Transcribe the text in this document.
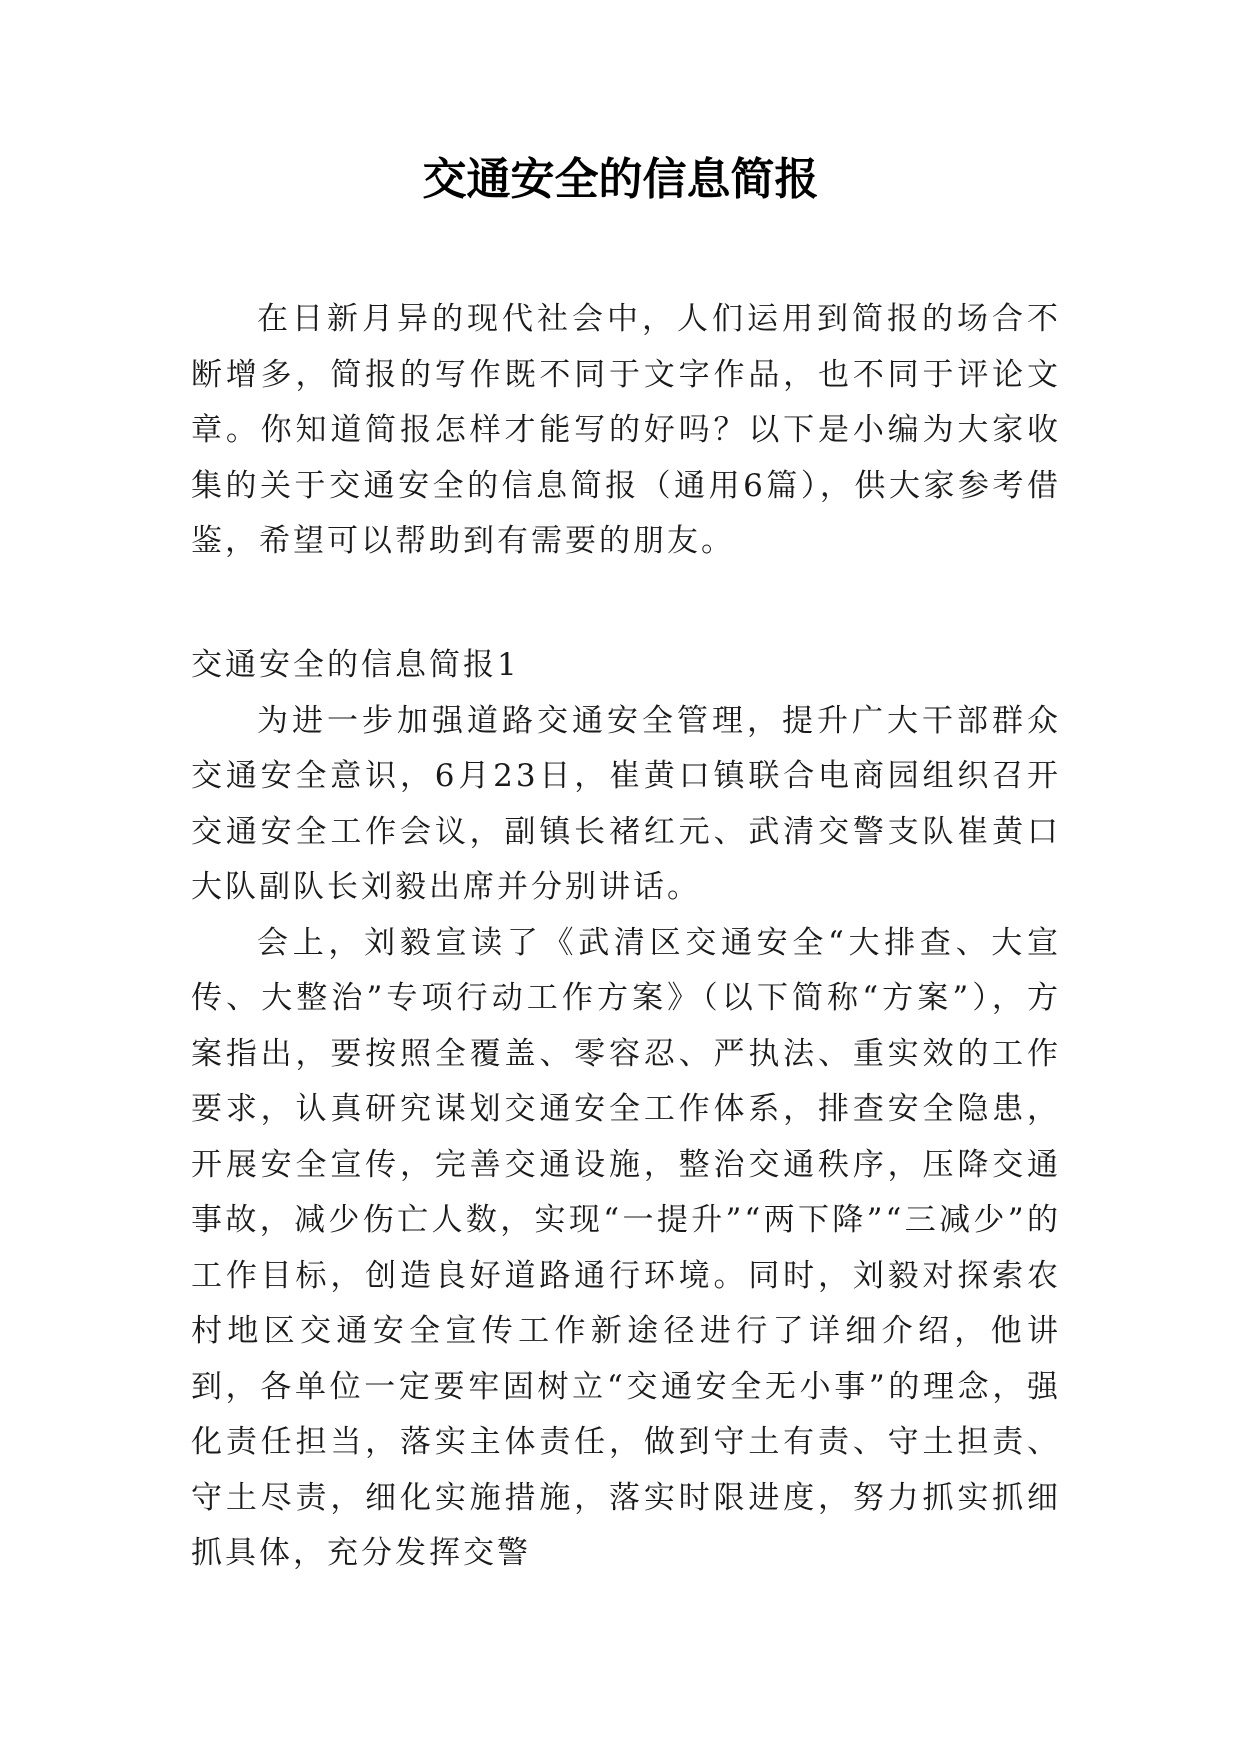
交通安全的信息简报

在日新月异的现代社会中，人们运用到简报的场合不断增多，简报的写作既不同于文字作品，也不同于评论文章。你知道简报怎样才能写的好吗？以下是小编为大家收集的关于交通安全的信息简报（通用6篇），供大家参考借鉴，希望可以帮助到有需要的朋友。

交通安全的信息简报1

为进一步加强道路交通安全管理，提升广大干部群众交通安全意识，6月23日，崔黄口镇联合电商园组织召开交通安全工作会议，副镇长褚红元、武清交警支队崔黄口大队副队长刘毅出席并分别讲话。

会上，刘毅宣读了《武清区交通安全“大排查、大宣传、大整治”专项行动工作方案》（以下简称“方案”），方案指出，要按照全覆盖、零容忍、严执法、重实效的工作要求，认真研究谋划交通安全工作体系，排查安全隐患，开展安全宣传，完善交通设施，整治交通秩序，压降交通事故，减少伤亡人数，实现“一提升”“两下降”“三减少”的工作目标，创造良好道路通行环境。同时，刘毅对探索农村地区交通安全宣传工作新途径进行了详细介绍，他讲到，各单位一定要牢固树立“交通安全无小事”的理念，强化责任担当，落实主体责任，做到守土有责、守土担责、守土尽责，细化实施措施，落实时限进度，努力抓实抓细抓具体，充分发挥交警
